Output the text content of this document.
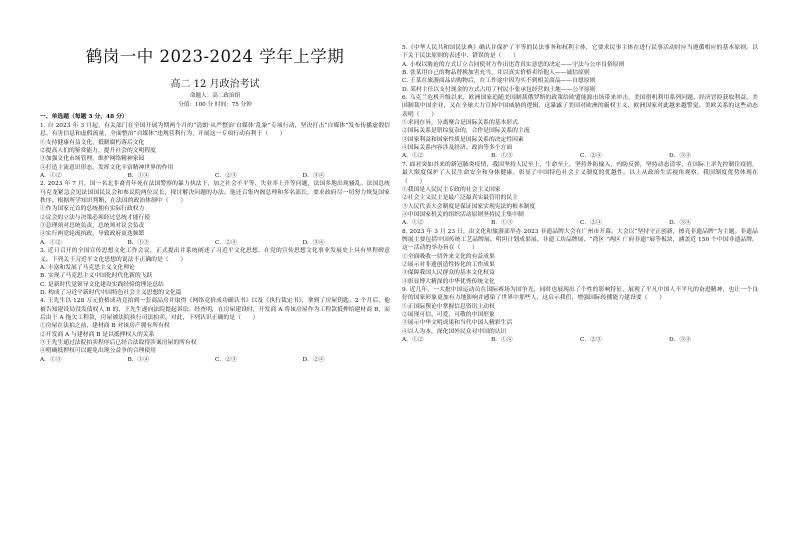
鹤岗一中 2023-2024 学年上学期
高二 12 月政治考试
命题人：高二政治组
分值：100 分 时间：75 分钟
一、单选题（每题 3 分，48 分）
1. 自 2023 年 3 月起，有关部门在全国开展为期两个月的“清朗·从严整治‘自媒体’乱象”专项行动，坚决打击“自媒体”发布传播虚假信息、有害信息和虚假流量，全面整治“自媒体”违规营利行为，开展这一专项行动有利于（　　）
①支持健康有益文化，抵制腐朽落后文化
②提高人们的鉴赏能力，提升社会的文明程度
③加强文化市场管理，维护网络精神家园
④打造主流意识形态，发挥文化丰富精神世界的作用
A．①②	B．①④	C．②③	D．③④
2. 2023 年 7 月，国一名北非裔青年死在法国警察的暴力执法下，加之社会不平等、失业率上升等问题，法国多地出现骚乱。法国总统马克龙紧急会见法国国民议会和参议院两位议长，探讨解决问题的办法。他还召集内阁总理和多名部长，要求政府尽一切努力恢复国家秩序。根据所学知识判断，在法国的政治体制中（　　）
①作为国家元首的总统拥有实际行政权力
②议会的立法与决策必须经过总统才能行使
③总理须对总统负责，总统须对议会负责
④实行两党轮流执政，导致政府更迭频繁
A．①②	B．①③	C．②④	D．③④
3. 近日召开的全国宣传思想文化工作会议，正式提出并系统阐述了习近平文化思想，在党的宣传思想文化事业发展史上具有里程碑意义。下列关于习近平文化思想的说法不正确的是（　　）
A. 丰富和发展了马克思主义文化理论
B. 实现了马克思主义中国化时代化新的飞跃
C. 是新时代党领导文化建设实践经验的理论总结
D. 构成了习近平新时代中国特色社会主义思想的文化篇
4. 王先生以 128 万元价格成功竞拍到一套商品房并取得《网络竞价成功确认书》以及《执行裁定书》，拿到了房屋钥匙。2 个月后，他被告知建设局没发债权人 B 的，王先生遂向法院提起诉讼。经查明，在房屋建设时，开发商 A 将该房屋作为工程款抵押给建材商 B，而后由于 A 拖欠工程款，房屋被法院执行司法拍卖。对此，下列认识正确的是（　　）
①房屋在法拍之前，建材商 B 对该房产拥有所有权
②开发商 A 与建材商 B 是以抵押权人的关系
③王先生通过法院拍卖程序后已经合法取得涉案房屋的所有权
④明确抵押权可以避免出现公益争的合理使用
A．①③	B．①④	C．②③	D．②④
5.《中华人民共和国民法典》确认并保护了平等的民法事务和权利主体，它要求民事主体在进行民事活动时应当遵循相应的基本原则。以下关于民法原则的表述中，错误的是（　　）
A. 小权以胁迫的方式订立合同使对方作出违背真实意思的决定——守法与公序良俗原则
B. 张某用自己的物品替换加害充当，并以真实价格卖给他人——诚信原则
C. 王某在旅游商品店购物后，在工作途中因为买不到相关商品——自愿原则
D. 某村主任以支付现金的方式占用了村民小张承包经营的土地——公平原则
6. 乌克兰危机升级以来，欧洲国家追随美国制裁俄罗斯的政策给欧盟能源市场带来冲击，美国借机利用系列问题，经济冒险获取利益。美国制裁中国企业，又在全球大力宣扬中国威胁的逻辑，这暴露了美国对欧洲的霸权主义，欧洲国家对此越来越警觉。美欧关系的这些动态表明（　　）
①求同存异，分离聚合是国际关系的基本形式
②国际关系是错综复杂的，合作是国际关系的主流
③国家利益和国家性质是国际关系的决定性因素
④国际关系内容涉及经济、政治等多个方面
A．①②	B．①③	C．②④	D．③④
7. 面对突如其来的新冠肺炎疫情，我国坚持人民至上，生命至上，坚持外防输入，内防反弹，坚持动态清零，在国际上率先控制住疫情，最大限度保护了人民生命安全和身体健康。彰显了中国特色社会主义制度的优越性。以上从政治生活视角观察，我国制度优势体现在（　　）
①我国是人民民主专政的社会主义国家
②社会主义民主是最广泛最真实最管用的民主
③人民代表大会制度是保证国家实现宪法的根本制度
④中国国家机关的组织活动原则坚持民主集中制
A．①②	B．①③	C．②④	D．③④
8. 2023 年 3 月 23 日，由文化和旅游部举办 2023 非遗品牌大会在广州市开幕。大会以“坚持守正创新，擦亮非遗品牌”为主题。非遗品牌展主要包括中国传统工艺品牌展、明坦计划成果展、非遗工坊品牌展、“湾区 ”两区 广府非遗”展等板块，涵盖近 150 个中国非遗品牌。这一活动的举办旨在（　　）
①全面吸收一切外来文化的有益成果
②展示对非遗创造性转化的工作成果
③保障我国人民群众的基本文化权益
④彰显博大精深的中华优秀传统文化
9. 近几年，一大批中国运动员在国际赛场为国争光，同时也展现出了个性的影响特征，展现了平凡中国人不平凡的奋进精神，也让一个良好的国家形象更加有力地影响并感染了世界中那些人，这启示我们，增强国际传播能力建设要（　　）
①正国际舆论中掌握信息资讯主动权
②展现可信、可爱、可敬的中国形象
③展示中华文明成果和当代中国人精彩生活
④以人为本，深化国外民众对中国的认识
A．①②	B．①④	C．②③	D．③④
